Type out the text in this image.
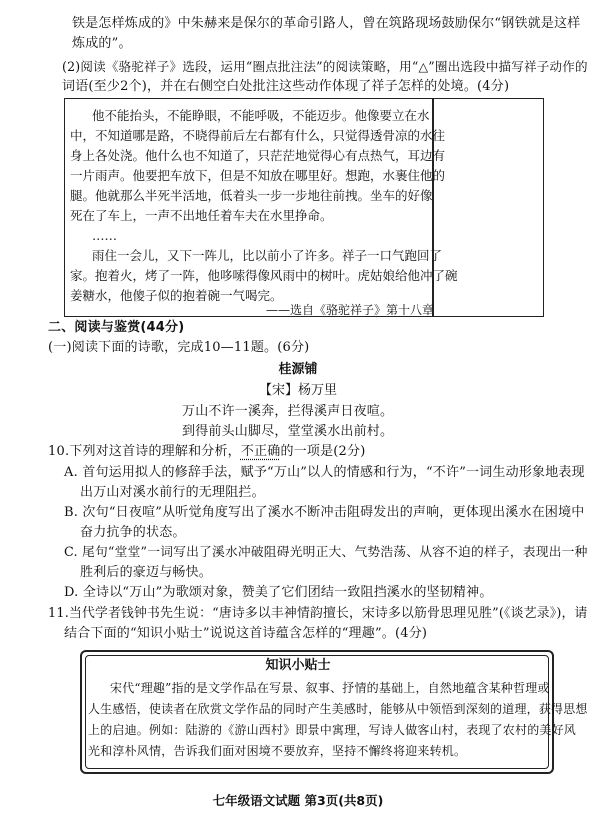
铁是怎样炼成的》中朱赫来是保尔的革命引路人，曾在筑路现场鼓励保尔“钢铁就是这样
炼成的”。
(2)阅读《骆驼祥子》选段，运用“圈点批注法”的阅读策略，用“△”圈出选段中描写祥子动作的
词语(至少2个)，并在右侧空白处批注这些动作体现了祥子怎样的处境。(4分)
他不能抬头，不能睁眼，不能呼吸，不能迈步。他像要立在水
中，不知道哪是路，不晓得前后左右都有什么，只觉得透骨凉的水往
身上各处浇。他什么也不知道了，只茫茫地觉得心有点热气，耳边有
一片雨声。他要把车放下，但是不知放在哪里好。想跑，水裹住他的
腿。他就那么半死半活地，低着头一步一步地往前拽。坐车的好像
死在了车上，一声不出地任着车夫在水里挣命。
……
雨住一会儿，又下一阵儿，比以前小了许多。祥子一口气跑回了
家。抱着火，烤了一阵，他哆嗦得像风雨中的树叶。虎姑娘给他冲了碗
姜糖水，他傻子似的抱着碗一气喝完。
——选自《骆驼祥子》第十八章
二、阅读与鉴赏(44分)
(一)阅读下面的诗歌，完成10—11题。(6分)
桂源铺
【宋】杨万里
万山不许一溪奔，拦得溪声日夜喧。
到得前头山脚尽，堂堂溪水出前村。
10.下列对这首诗的理解和分析，不正确的一项是(2分)
A. 首句运用拟人的修辞手法，赋予“万山”以人的情感和行为，“不许”一词生动形象地表现
出万山对溪水前行的无理阻拦。
B. 次句“日夜喧”从听觉角度写出了溪水不断冲击阻碍发出的声响，更体现出溪水在困境中
奋力抗争的状态。
C. 尾句“堂堂”一词写出了溪水冲破阻碍光明正大、气势浩荡、从容不迫的样子，表现出一种
胜利后的豪迈与畅快。
D. 全诗以“万山”为歌颂对象，赞美了它们团结一致阻挡溪水的坚韧精神。
11.当代学者钱钟书先生说：“唐诗多以丰神情韵擅长，宋诗多以筋骨思理见胜”(《谈艺录》)，请
结合下面的“知识小贴士”说说这首诗蕴含怎样的“理趣”。(4分)
知识小贴士
宋代“理趣”指的是文学作品在写景、叙事、抒情的基础上，自然地蕴含某种哲理或
人生感悟，使读者在欣赏文学作品的同时产生美感时，能够从中领悟到深刻的道理，获得思想
上的启迪。例如：陆游的《游山西村》即景中寓理，写诗人做客山村，表现了农村的美好风
光和淳朴风情，告诉我们面对困境不要放弃，坚持不懈终将迎来转机。
七年级语文试题 第3页(共8页)
